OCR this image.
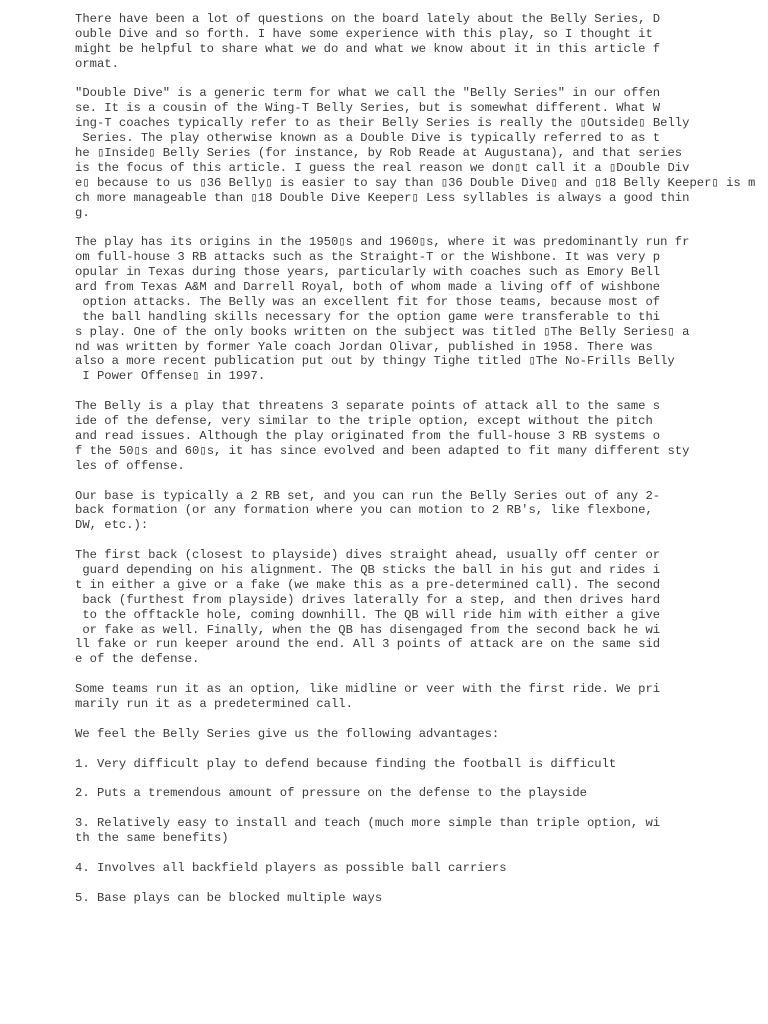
There have been a lot of questions on the board lately about the Belly Series, D
ouble Dive and so forth. I have some experience with this play, so I thought it
might be helpful to share what we do and what we know about it in this article f
ormat.
"Double Dive" is a generic term for what we call the "Belly Series" in our offen
se. It is a cousin of the Wing-T Belly Series, but is somewhat different. What W
ing-T coaches typically refer to as their Belly Series is really the ▯Outside▯ Belly
Series. The play otherwise known as a Double Dive is typically referred to as t
he ▯Inside▯ Belly Series (for instance, by Rob Reade at Augustana), and that series
is the focus of this article. I guess the real reason we don▯t call it a ▯Double Div
e▯ because to us ▯36 Belly▯ is easier to say than ▯36 Double Dive▯ and ▯18 Belly Keeper▯ is m
ch more manageable than ▯18 Double Dive Keeper▯ Less syllables is always a good thin
g.
The play has its origins in the 1950▯s and 1960▯s, where it was predominantly run fr
om full-house 3 RB attacks such as the Straight-T or the Wishbone. It was very p
opular in Texas during those years, particularly with coaches such as Emory Bell
ard from Texas A&M and Darrell Royal, both of whom made a living off of wishbone
option attacks. The Belly was an excellent fit for those teams, because most of
the ball handling skills necessary for the option game were transferable to thi
s play. One of the only books written on the subject was titled ▯The Belly Series▯ a
nd was written by former Yale coach Jordan Olivar, published in 1958. There was
also a more recent publication put out by thingy Tighe titled ▯The No-Frills Belly
I Power Offense▯ in 1997.
The Belly is a play that threatens 3 separate points of attack all to the same s
ide of the defense, very similar to the triple option, except without the pitch
and read issues. Although the play originated from the full-house 3 RB systems o
f the 50▯s and 60▯s, it has since evolved and been adapted to fit many different sty
les of offense.
Our base is typically a 2 RB set, and you can run the Belly Series out of any 2-
back formation (or any formation where you can motion to 2 RB's, like flexbone,
DW, etc.):
The first back (closest to playside) dives straight ahead, usually off center or
guard depending on his alignment. The QB sticks the ball in his gut and rides i
t in either a give or a fake (we make this as a pre-determined call). The second
back (furthest from playside) drives laterally for a step, and then drives hard
to the offtackle hole, coming downhill. The QB will ride him with either a give
or fake as well. Finally, when the QB has disengaged from the second back he wi
ll fake or run keeper around the end. All 3 points of attack are on the same sid
e of the defense.
Some teams run it as an option, like midline or veer with the first ride. We pri
marily run it as a predetermined call.
We feel the Belly Series give us the following advantages:
1. Very difficult play to defend because finding the football is difficult
2. Puts a tremendous amount of pressure on the defense to the playside
3. Relatively easy to install and teach (much more simple than triple option, wi
th the same benefits)
4. Involves all backfield players as possible ball carriers
5. Base plays can be blocked multiple ways
